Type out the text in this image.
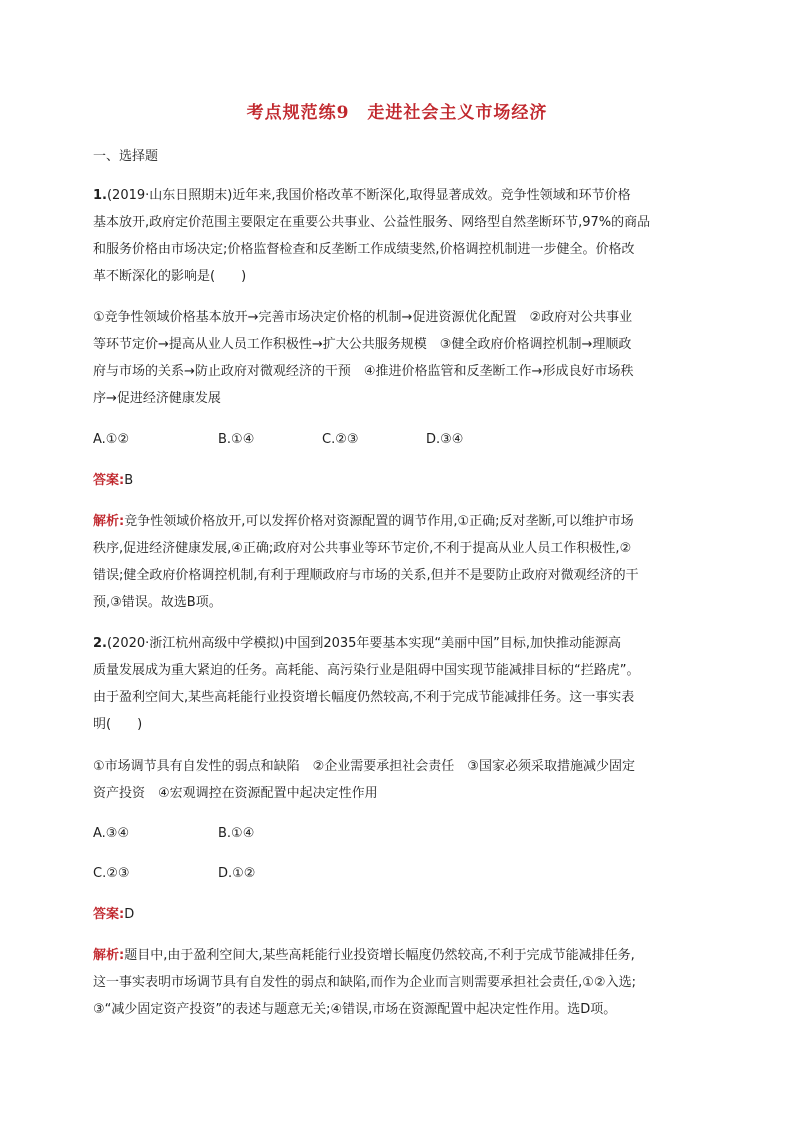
考点规范练9　走进社会主义市场经济
一、选择题
1.(2019·山东日照期末)近年来,我国价格改革不断深化,取得显著成效。竞争性领域和环节价格
基本放开,政府定价范围主要限定在重要公共事业、公益性服务、网络型自然垄断环节,97%的商品
和服务价格由市场决定;价格监督检查和反垄断工作成绩斐然,价格调控机制进一步健全。价格改
革不断深化的影响是(　　)
①竞争性领域价格基本放开→完善市场决定价格的机制→促进资源优化配置　②政府对公共事业
等环节定价→提高从业人员工作积极性→扩大公共服务规模　③健全政府价格调控机制→理顺政
府与市场的关系→防止政府对微观经济的干预　④推进价格监管和反垄断工作→形成良好市场秩
序→促进经济健康发展
A.①②	B.①④	C.②③	D.③④
答案:B
解析:竞争性领域价格放开,可以发挥价格对资源配置的调节作用,①正确;反对垄断,可以维护市场
秩序,促进经济健康发展,④正确;政府对公共事业等环节定价,不利于提高从业人员工作积极性,②
错误;健全政府价格调控机制,有利于理顺政府与市场的关系,但并不是要防止政府对微观经济的干
预,③错误。故选B项。
2.(2020·浙江杭州高级中学模拟)中国到2035年要基本实现“美丽中国”目标,加快推动能源高
质量发展成为重大紧迫的任务。高耗能、高污染行业是阻碍中国实现节能减排目标的“拦路虎”。
由于盈利空间大,某些高耗能行业投资增长幅度仍然较高,不利于完成节能减排任务。这一事实表
明(　　)
①市场调节具有自发性的弱点和缺陷　②企业需要承担社会责任　③国家必须采取措施减少固定
资产投资　④宏观调控在资源配置中起决定性作用
A.③④	B.①④
C.②③	D.①②
答案:D
解析:题目中,由于盈利空间大,某些高耗能行业投资增长幅度仍然较高,不利于完成节能减排任务,
这一事实表明市场调节具有自发性的弱点和缺陷,而作为企业而言则需要承担社会责任,①②入选;
③“减少固定资产投资”的表述与题意无关;④错误,市场在资源配置中起决定性作用。选D项。
